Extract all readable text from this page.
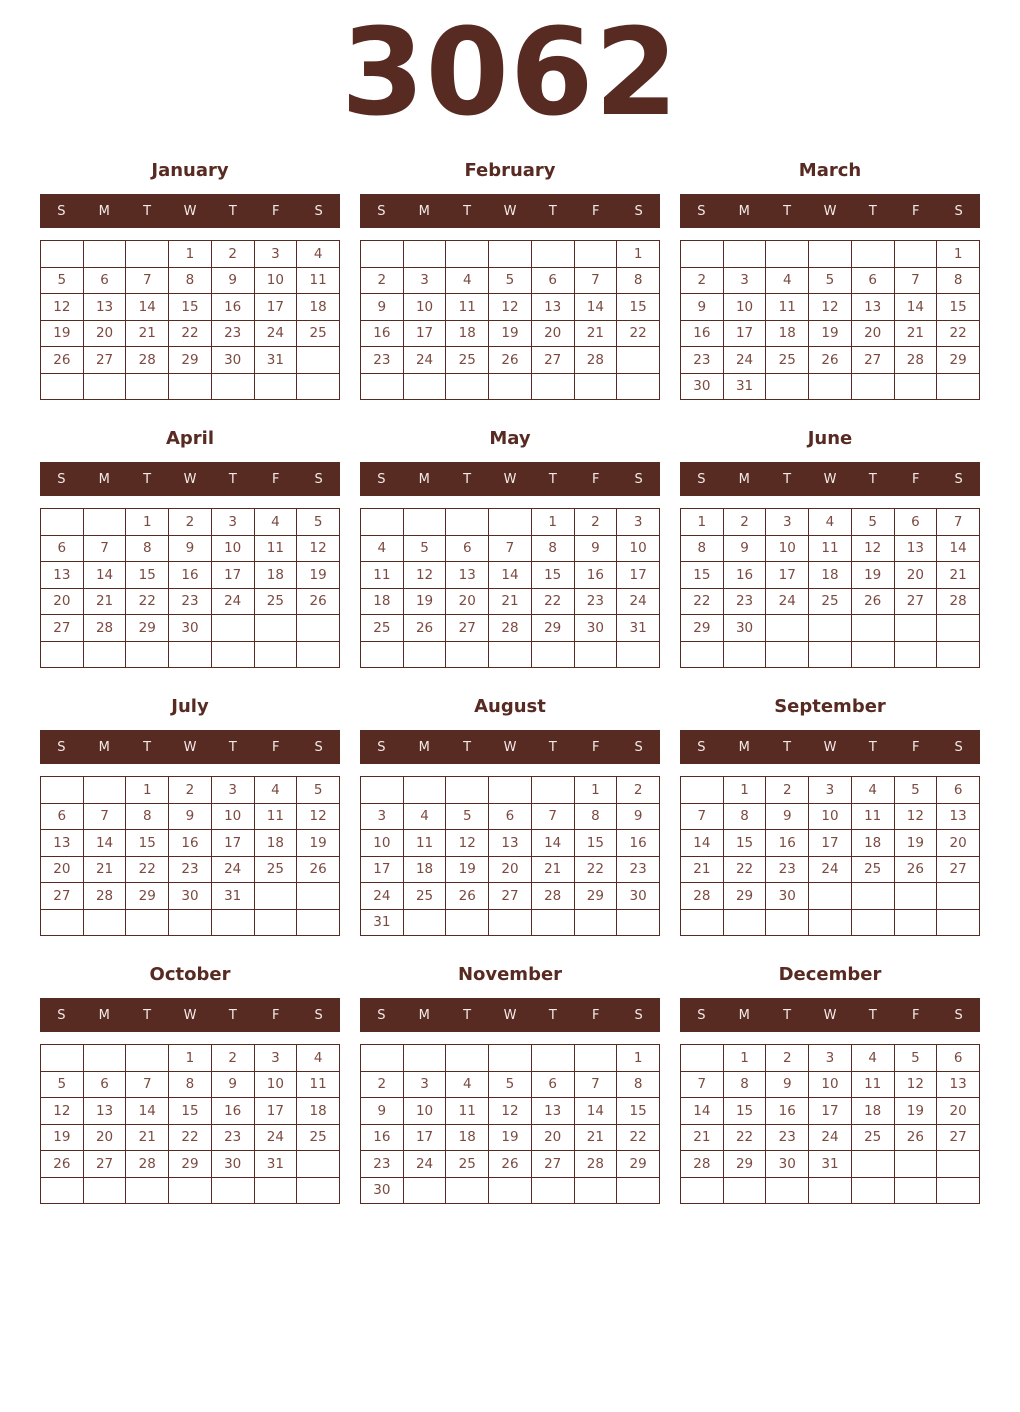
3062
January
S	M	T	W	T	F	S
			1	2	3	4
5	6	7	8	9	10	11
12	13	14	15	16	17	18
19	20	21	22	23	24	25
26	27	28	29	30	31	

February
S	M	T	W	T	F	S
						1
2	3	4	5	6	7	8
9	10	11	12	13	14	15
16	17	18	19	20	21	22
23	24	25	26	27	28	

March
S	M	T	W	T	F	S
						1
2	3	4	5	6	7	8
9	10	11	12	13	14	15
16	17	18	19	20	21	22
23	24	25	26	27	28	29
30	31					
April
S	M	T	W	T	F	S
		1	2	3	4	5
6	7	8	9	10	11	12
13	14	15	16	17	18	19
20	21	22	23	24	25	26
27	28	29	30			

May
S	M	T	W	T	F	S
				1	2	3
4	5	6	7	8	9	10
11	12	13	14	15	16	17
18	19	20	21	22	23	24
25	26	27	28	29	30	31

June
S	M	T	W	T	F	S
1	2	3	4	5	6	7
8	9	10	11	12	13	14
15	16	17	18	19	20	21
22	23	24	25	26	27	28
29	30					

July
S	M	T	W	T	F	S
		1	2	3	4	5
6	7	8	9	10	11	12
13	14	15	16	17	18	19
20	21	22	23	24	25	26
27	28	29	30	31		

August
S	M	T	W	T	F	S
					1	2
3	4	5	6	7	8	9
10	11	12	13	14	15	16
17	18	19	20	21	22	23
24	25	26	27	28	29	30
31						
September
S	M	T	W	T	F	S
	1	2	3	4	5	6
7	8	9	10	11	12	13
14	15	16	17	18	19	20
21	22	23	24	25	26	27
28	29	30				

October
S	M	T	W	T	F	S
			1	2	3	4
5	6	7	8	9	10	11
12	13	14	15	16	17	18
19	20	21	22	23	24	25
26	27	28	29	30	31	

November
S	M	T	W	T	F	S
						1
2	3	4	5	6	7	8
9	10	11	12	13	14	15
16	17	18	19	20	21	22
23	24	25	26	27	28	29
30						
December
S	M	T	W	T	F	S
	1	2	3	4	5	6
7	8	9	10	11	12	13
14	15	16	17	18	19	20
21	22	23	24	25	26	27
28	29	30	31			
